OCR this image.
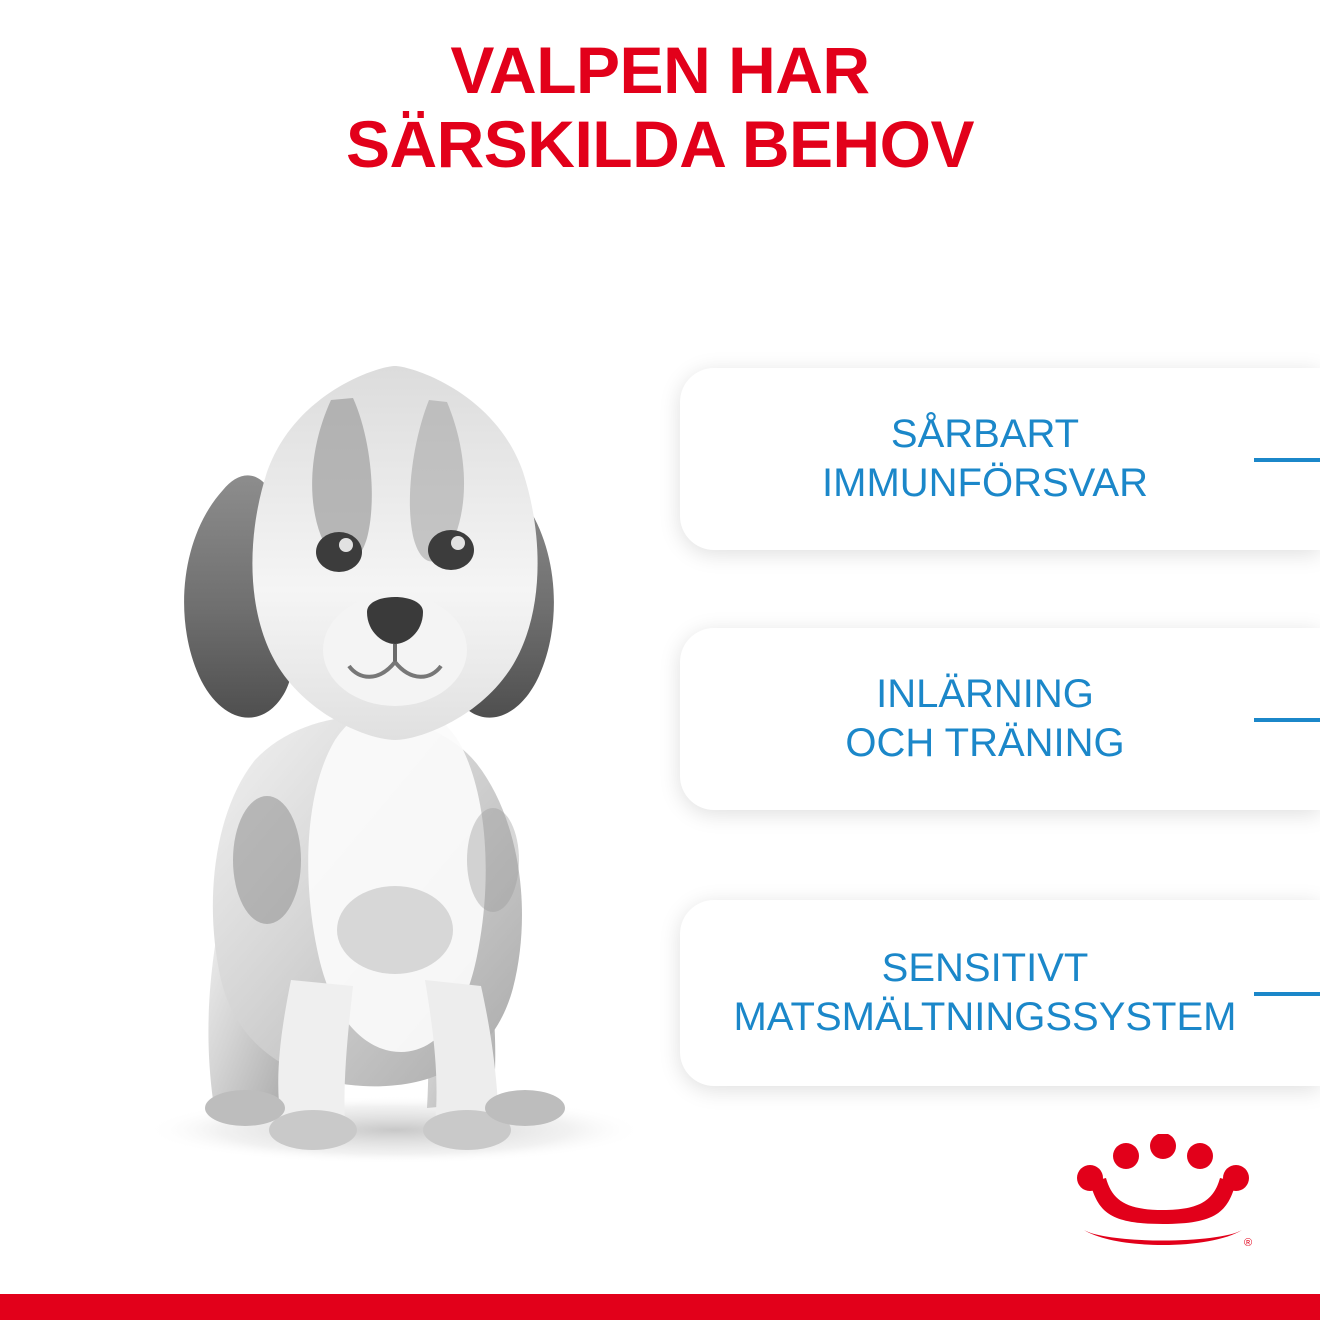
VALPEN HAR
SÄRSKILDA BEHOV
SÅRBART
IMMUNFÖRSVAR
INLÄRNING
OCH TRÄNING
SENSITIVT
MATSMÄLTNINGSSYSTEM
®
